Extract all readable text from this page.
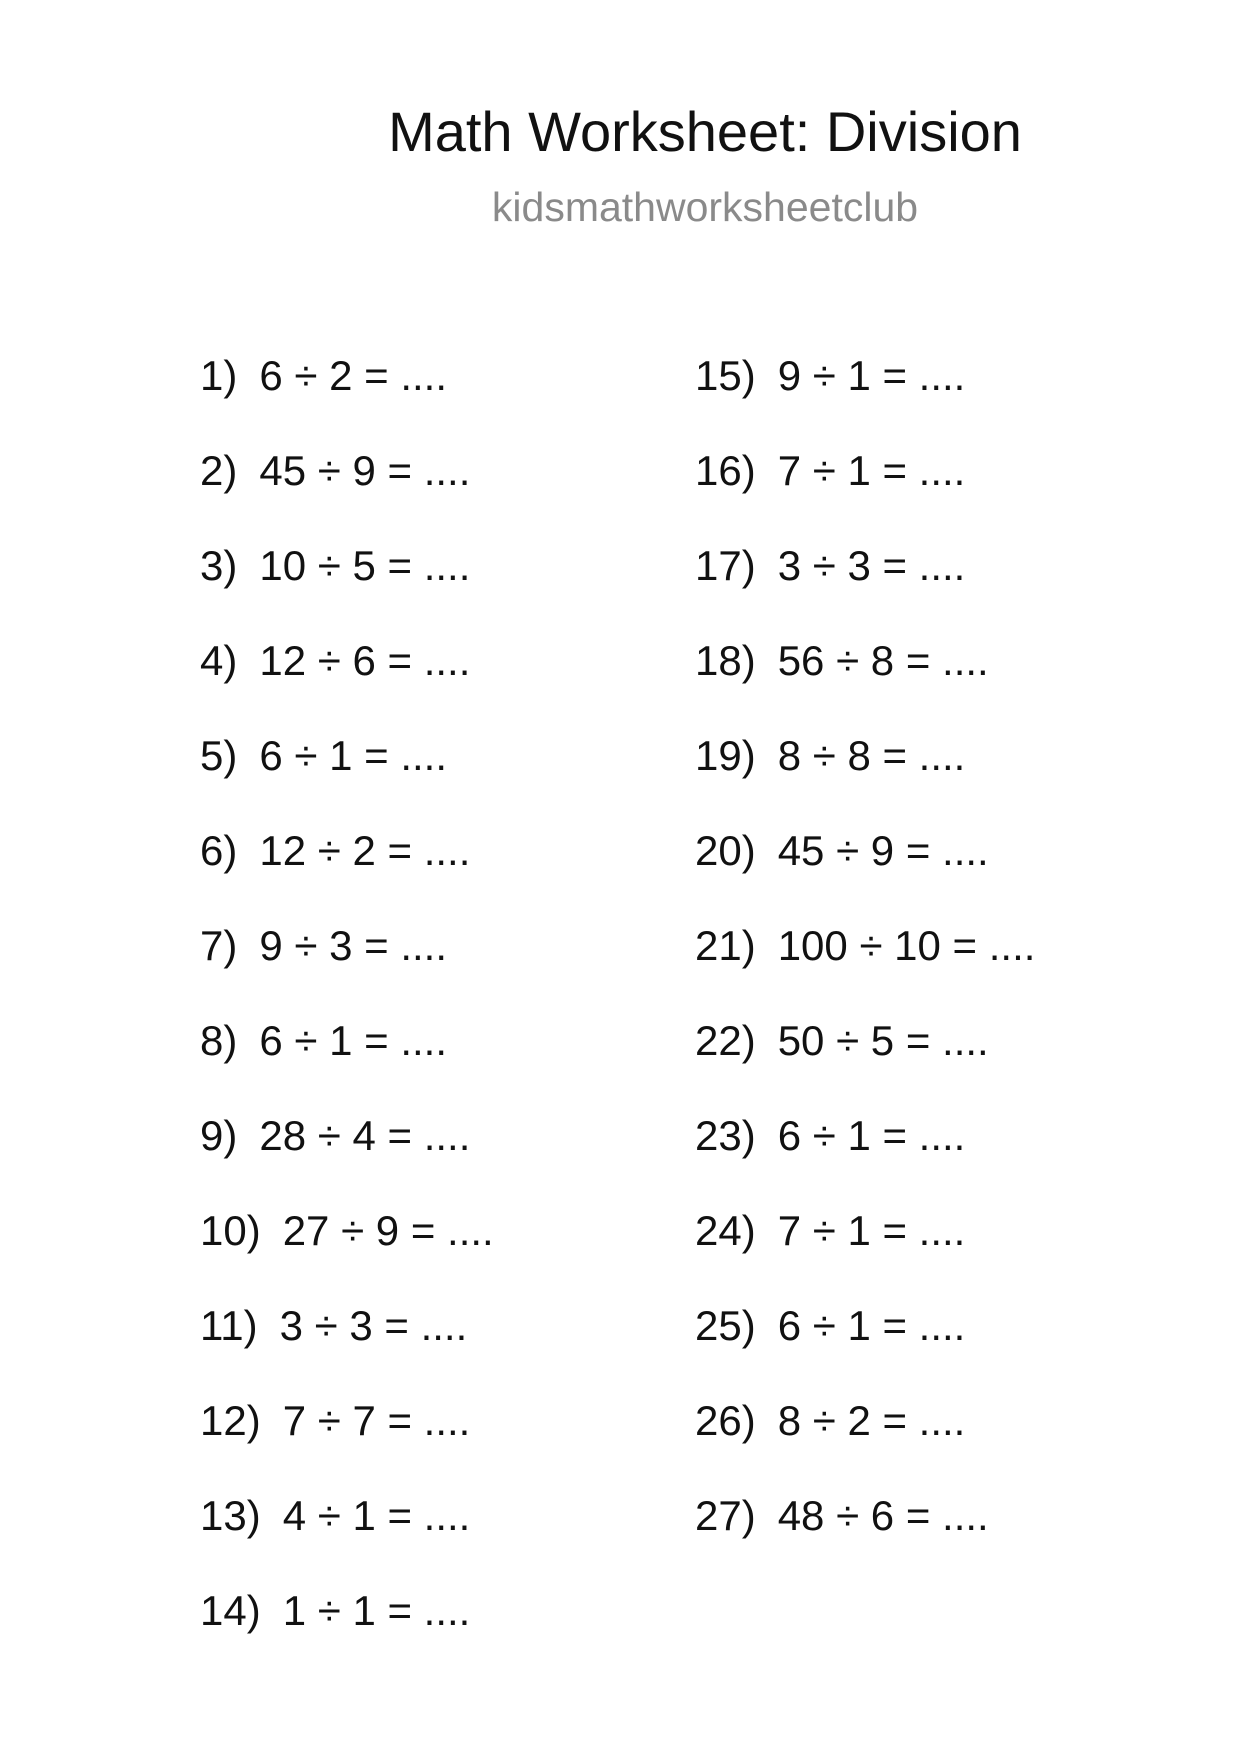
Math Worksheet: Division
kidsmathworksheetclub
1) 6 ÷ 2 = ....
2) 45 ÷ 9 = ....
3) 10 ÷ 5 = ....
4) 12 ÷ 6 = ....
5) 6 ÷ 1 = ....
6) 12 ÷ 2 = ....
7) 9 ÷ 3 = ....
8) 6 ÷ 1 = ....
9) 28 ÷ 4 = ....
10) 27 ÷ 9 = ....
11) 3 ÷ 3 = ....
12) 7 ÷ 7 = ....
13) 4 ÷ 1 = ....
14) 1 ÷ 1 = ....
15) 9 ÷ 1 = ....
16) 7 ÷ 1 = ....
17) 3 ÷ 3 = ....
18) 56 ÷ 8 = ....
19) 8 ÷ 8 = ....
20) 45 ÷ 9 = ....
21) 100 ÷ 10 = ....
22) 50 ÷ 5 = ....
23) 6 ÷ 1 = ....
24) 7 ÷ 1 = ....
25) 6 ÷ 1 = ....
26) 8 ÷ 2 = ....
27) 48 ÷ 6 = ....
